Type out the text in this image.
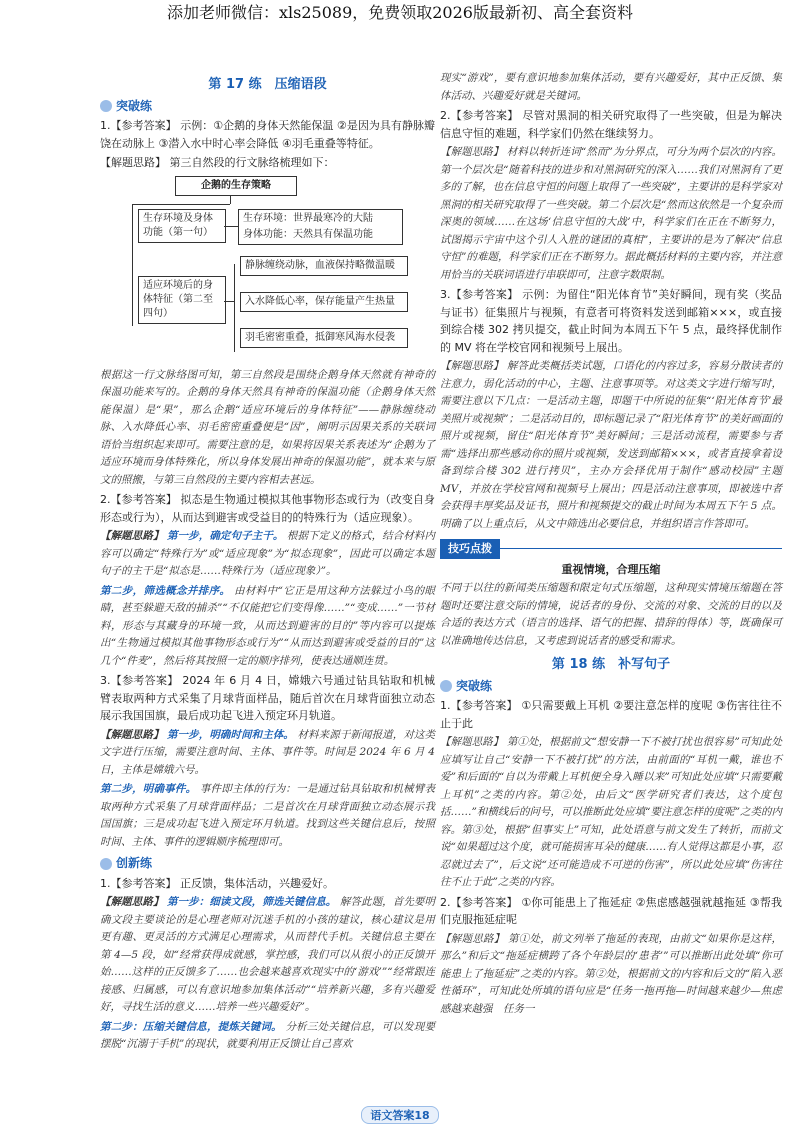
添加老师微信：xls25089，免费领取2026版最新初、高全套资料
第 17 练　压缩语段
突破练

1.【参考答案】 示例：①企鹅的身体天然能保温 ②是因为具有静脉瓣饶在动脉上 ③潜入水中时心率会降低 ④羽毛重叠等特征。

【解题思路】 第三自然段的行文脉络梳理如下：

企鹅的生存策略
生存环境及身体功能（第一句）
生存环境：世界最寒冷的大陆
身体功能：天然具有保温功能
适应环境后的身体特征（第二至四句）
静脉缠绕动脉，血液保持略微温暖
入水降低心率，保存能量产生热量
羽毛密密重叠，抵御寒风海水侵袭

根据这一行文脉络图可知，第三自然段是围绕企鹅身体天然就有神奇的保温功能来写的。企鹅的身体天然具有神奇的保温功能（企鹅身体天然能保温）是“果”，那么企鹅“适应环境后的身体特征”——静脉缠绕动脉、入水降低心率、羽毛密密重叠便是“因”，阐明示因果关系的关联词语恰当组织起来即可。需要注意的是，如果将因果关系表述为“企鹅为了适应环境而身体特殊化，所以身体发展出神奇的保温功能”，就本来与原文的照搬，与第三自然段的主要内容相去甚远。

2.【参考答案】 拟态是生物通过模拟其他事物形态或行为（改变自身形态或行为），从而达到避害或受益目的的特殊行为（适应现象）。

【解题思路】 第一步，确定句子主干。 根据下定义的格式，结合材料内容可以确定“特殊行为”或“适应现象”为“拟态现象”，因此可以确定本题句子的主干是“拟态是……特殊行为（适应现象）”。

第二步，筛选概念并排序。 由材料中“它正是用这种方法躲过小鸟的眼睛，甚至躲避天敌的捕杀”“不仅能把它们变得像……”“变成……”一节材料，形态与其藏身的环境一致，从而达到避害的目的”等内容可以提炼出“生物通过模拟其他事物形态或行为”“从而达到避害或受益的目的”这几个“件麦”，然后将其按照一定的顺序排列，使表达通顺连贯。

3.【参考答案】 2024 年 6 月 4 日，嫦娥六号通过钻具钻取和机械臂表取两种方式采集了月球背面样品，随后首次在月球背面独立动态展示我国国旗，最后成功起飞进入预定环月轨道。

【解题思路】 第一步，明确时间和主体。 材料来源于新闻报道，对这类文字进行压缩，需要注意时间、主体、事件等。时间是 2024 年 6 月 4 日，主体是嫦娥六号。

第二步，明确事件。 事件即主体的行为：一是通过钻具钻取和机械臂表取两种方式采集了月球背面样品；二是首次在月球背面独立动态展示我国国旗；三是成功起飞进入预定环月轨道。找到这些关键信息后，按照时间、主体、事件的逻辑顺序梳理即可。

创新练

1.【参考答案】 正反馈，集体活动，兴趣爱好。

【解题思路】 第一步：细读文段，筛选关键信息。 解答此题，首先要明确文段主要谈论的是心理老师对沉迷手机的小孩的建议，核心建议是用更有趣、更灵活的方式满足心理需求，从而替代手机。关键信息主要在第 4—5 段，如“经常获得成就感，掌控感，我们可以从很小的正反馈开始……这样的正反馈多了……也会越来越喜欢现实中的‘游戏’”“经常跟连接感、归属感，可以有意识地参加集体活动”“培养新兴趣，多有兴趣爱好，寻找生活的意义……培养一些兴趣爱好”。

第二步：压缩关键信息，提炼关键词。 分析三处关键信息，可以发现要摆脱“沉溺于手机”的现状，就要利用正反馈让自己喜欢

现实“游戏”，要有意识地参加集体活动，要有兴趣爱好，其中正反馈、集体活动、兴趣爱好就是关键词。

2.【参考答案】 尽管对黑洞的相关研究取得了一些突破，但是为解决信息守恒的难题，科学家们仍然在继续努力。

【解题思路】 材料以转折连词“然而”为分界点，可分为两个层次的内容。第一个层次是“随着科技的进步和对黑洞研究的深入……我们对黑洞有了更多的了解，也在信息守恒的问题上取得了一些突破”，主要讲的是科学家对黑洞的相关研究取得了一些突破。第二个层次是“然而这依然是一个复杂而深奥的领域……在这场‘信息守恒的大战’中，科学家们在正在不断努力，试图揭示宇宙中这个引人入胜的谜团的真相”，主要讲的是为了解决“信息守恒”的难题，科学家们正在不断努力。据此概括材料的主要内容，并注意用恰当的关联词语进行串联即可，注意字数限制。

3.【参考答案】 示例：为留住“阳光体育节”美好瞬间，现有奖（奖品与证书）征集照片与视频，有意者可将资料发送到邮箱×××，或直接到综合楼 302 拷贝提交，截止时间为本周五下午 5 点，最终择优制作的 MV 将在学校官网和视频号上展出。

【解题思路】 解答此类概括类试题，口语化的内容过多，容易分散读者的注意力，弱化活动的中心，主题、注意事项等。对这类文字进行缩写时，需要注意以下几点：一是活动主题，即题干中所说的征集“‘阳光体育节’最美照片或视频”；二是活动目的，即标题记录了“阳光体育节”的美好画面的照片或视频，留住“阳光体育节”美好瞬间；三是活动流程，需要参与者需“选择出那些感动你的照片或视频，发送到邮箱×××，或者直接拿着设备到综合楼 302 进行拷贝”，主办方会择优用于制作“感动校园”主题 MV，并放在学校官网和视频号上展出；四是活动注意事项，即被选中者会获得丰厚奖品及证书，照片和视频提交的截止时间为本周五下午 5 点。明确了以上重点后，从文中筛选出必要信息，并组织语言作答即可。

技巧点拨
重视情境，合理压缩

不同于以往的新闻类压缩题和限定句式压缩题，这种现实情境压缩题在答题时还要注意交际的情境，说话者的身份、交流的对象、交流的目的以及合适的表达方式（语言的选择、语气的把握、措辞的得体）等，既确保可以准确地传达信息，又考虑到说话者的感受和需求。

第 18 练　补写句子
突破练

1.【参考答案】 ①只需要戴上耳机 ②要注意怎样的度呢 ③伤害往往不止于此

【解题思路】 第①处，根据前文“想安静一下不被打扰也很容易”可知此处应填写让自己“安静一下不被打扰”的方法，由前面的“耳机一戴，谁也不爱”和后面的“自以为带戴上耳机便全身入睡以来”可知此处应填“只需要戴上耳机”之类的内容。第②处，由后文“医学研究者们表达，这个度包括……”和横线后的问号，可以推断此处应填“要注意怎样的度呢”之类的内容。第③处，根据“但事实上”可知，此处语意与前文发生了转折，而前文说“如果超过这个度，就可能损害耳朵的健康……有人觉得这都是小事，忍忍就过去了”，后文说“还可能造成不可逆的伤害”，所以此处应填“伤害往往不止于此”之类的内容。

2.【参考答案】 ①你可能患上了拖延症 ②焦虑感越强就越拖延 ③帮我们克服拖延症呢

【解题思路】 第①处，前文列举了拖延的表现，由前文“如果你是这样，那么”和后文“拖延症横跨了各个年龄层的‘患者’”可以推断出此处填“你可能患上了拖延症”之类的内容。第②处，根据前文的内容和后文的“陷入恶性循环”，可知此处所填的语句应是“任务一拖再拖—时间越来越少—焦虑感越来越强　任务一

语文答案18
